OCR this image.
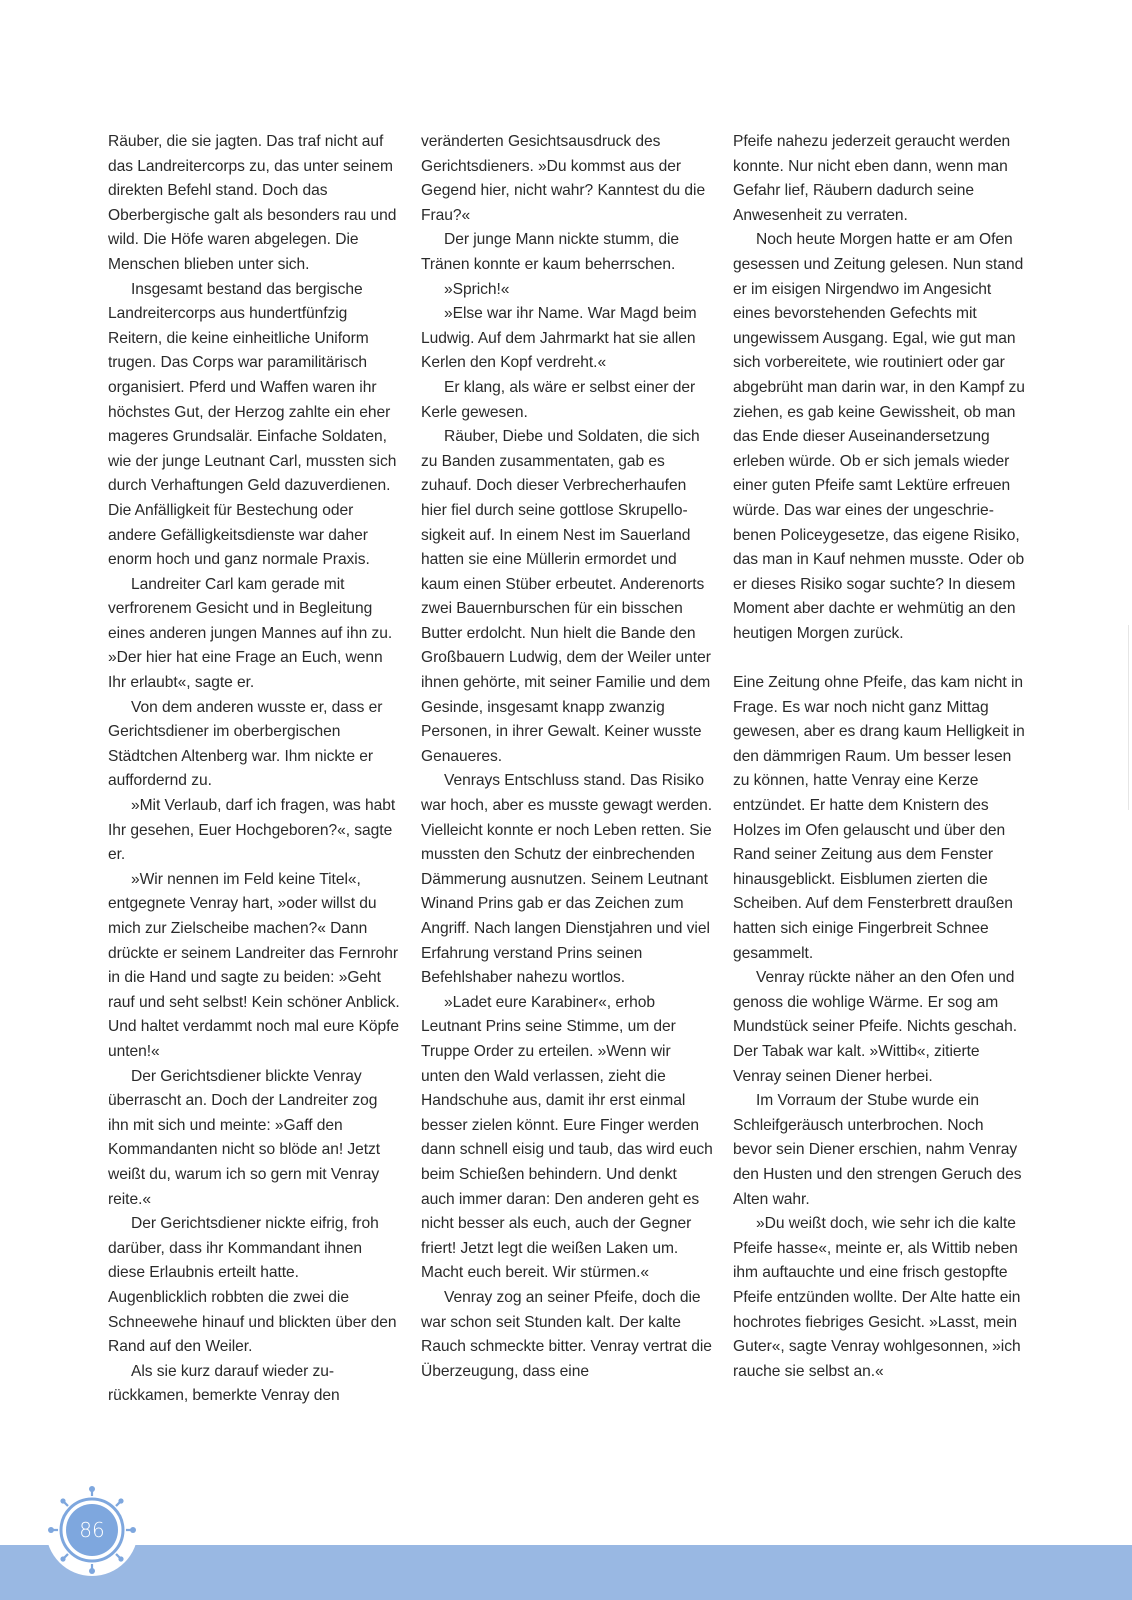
Räuber, die sie jagten. Das traf nicht auf das Landreitercorps zu, das unter seinem direkten Befehl stand. Doch das Oberbergische galt als besonders rau und wild. Die Höfe waren abgelegen. Die Menschen blieben unter sich.

Insgesamt bestand das bergische Landreitercorps aus hundertfünfzig Reitern, die keine einheitliche Uniform trugen. Das Corps war paramilitärisch organisiert. Pferd und Waffen waren ihr höchstes Gut, der Herzog zahlte ein eher mageres Grundsalär. Einfache Soldaten, wie der junge Leutnant Carl, mussten sich durch Verhaftungen Geld dazuverdienen. Die Anfälligkeit für Bestechung oder andere Gefälligkeitsdienste war daher enorm hoch und ganz normale Praxis.

Landreiter Carl kam gerade mit verfrorenem Gesicht und in Begleitung eines anderen jungen Mannes auf ihn zu. »Der hier hat eine Frage an Euch, wenn Ihr erlaubt«, sagte er.

Von dem anderen wusste er, dass er Gerichtsdiener im oberbergischen Städtchen Altenberg war. Ihm nickte er auffordernd zu.

»Mit Verlaub, darf ich fragen, was habt Ihr gesehen, Euer Hochgeboren?«, sagte er.

»Wir nennen im Feld keine Titel«, entgegnete Venray hart, »oder willst du mich zur Zielscheibe machen?« Dann drückte er seinem Landreiter das Fernrohr in die Hand und sagte zu beiden: »Geht rauf und seht selbst! Kein schöner Anblick. Und haltet verdammt noch mal eure Köpfe unten!«

Der Gerichtsdiener blickte Venray überrascht an. Doch der Landreiter zog ihn mit sich und meinte: »Gaff den Kommandanten nicht so blöde an! Jetzt weißt du, warum ich so gern mit Venray reite.«

Der Gerichtsdiener nickte eifrig, froh darüber, dass ihr Kommandant ihnen diese Erlaubnis erteilt hatte. Augenblicklich robbten die zwei die Schneewehe hinauf und blickten über den Rand auf den Weiler.

Als sie kurz darauf wieder zurückkamen, bemerkte Venray den

veränderten Gesichtsausdruck des Gerichtsdieners. »Du kommst aus der Gegend hier, nicht wahr? Kanntest du die Frau?«

Der junge Mann nickte stumm, die Tränen konnte er kaum beherrschen.

»Sprich!«

»Else war ihr Name. War Magd beim Ludwig. Auf dem Jahrmarkt hat sie allen Kerlen den Kopf verdreht.«

Er klang, als wäre er selbst einer der Kerle gewesen.

Räuber, Diebe und Soldaten, die sich zu Banden zusammentaten, gab es zuhauf. Doch dieser Verbrecherhaufen hier fiel durch seine gottlose Skrupellosigkeit auf. In einem Nest im Sauerland hatten sie eine Müllerin ermordet und kaum einen Stüber erbeutet. Anderenorts zwei Bauernburschen für ein bisschen Butter erdolcht. Nun hielt die Bande den Großbauern Ludwig, dem der Weiler unter ihnen gehörte, mit seiner Familie und dem Gesinde, insgesamt knapp zwanzig Personen, in ihrer Gewalt. Keiner wusste Genaueres.

Venrays Entschluss stand. Das Risiko war hoch, aber es musste gewagt werden. Vielleicht konnte er noch Leben retten. Sie mussten den Schutz der einbrechenden Dämmerung ausnutzen. Seinem Leutnant Winand Prins gab er das Zeichen zum Angriff. Nach langen Dienstjahren und viel Erfahrung verstand Prins seinen Befehlshaber nahezu wortlos.

»Ladet eure Karabiner«, erhob Leutnant Prins seine Stimme, um der Truppe Order zu erteilen. »Wenn wir unten den Wald verlassen, zieht die Handschuhe aus, damit ihr erst einmal besser zielen könnt. Eure Finger werden dann schnell eisig und taub, das wird euch beim Schießen behindern. Und denkt auch immer daran: Den anderen geht es nicht besser als euch, auch der Gegner friert! Jetzt legt die weißen Laken um. Macht euch bereit. Wir stürmen.«

Venray zog an seiner Pfeife, doch die war schon seit Stunden kalt. Der kalte Rauch schmeckte bitter. Venray vertrat die Überzeugung, dass eine

Pfeife nahezu jederzeit geraucht werden konnte. Nur nicht eben dann, wenn man Gefahr lief, Räubern dadurch seine Anwesenheit zu verraten.

Noch heute Morgen hatte er am Ofen gesessen und Zeitung gelesen. Nun stand er im eisigen Nirgendwo im Angesicht eines bevorstehenden Gefechts mit ungewissem Ausgang. Egal, wie gut man sich vorbereitete, wie routiniert oder gar abgebrüht man darin war, in den Kampf zu ziehen, es gab keine Gewissheit, ob man das Ende dieser Auseinandersetzung erleben würde. Ob er sich jemals wieder einer guten Pfeife samt Lektüre erfreuen würde. Das war eines der ungeschriebenen Policeygesetze, das eigene Risiko, das man in Kauf nehmen musste. Oder ob er dieses Risiko sogar suchte? In diesem Moment aber dachte er wehmütig an den heutigen Morgen zurück.

Eine Zeitung ohne Pfeife, das kam nicht in Frage. Es war noch nicht ganz Mittag gewesen, aber es drang kaum Helligkeit in den dämmrigen Raum. Um besser lesen zu können, hatte Venray eine Kerze entzündet. Er hatte dem Knistern des Holzes im Ofen gelauscht und über den Rand seiner Zeitung aus dem Fenster hinausgeblickt. Eisblumen zierten die Scheiben. Auf dem Fensterbrett draußen hatten sich einige Fingerbreit Schnee gesammelt.

Venray rückte näher an den Ofen und genoss die wohlige Wärme. Er sog am Mundstück seiner Pfeife. Nichts geschah. Der Tabak war kalt. »Wittib«, zitierte Venray seinen Diener herbei.

Im Vorraum der Stube wurde ein Schleifgeräusch unterbrochen. Noch bevor sein Diener erschien, nahm Venray den Husten und den strengen Geruch des Alten wahr.

»Du weißt doch, wie sehr ich die kalte Pfeife hasse«, meinte er, als Wittib neben ihm auftauchte und eine frisch gestopfte Pfeife entzünden wollte. Der Alte hatte ein hochrotes fiebriges Gesicht. »Lasst, mein Guter«, sagte Venray wohlgesonnen, »ich rauche sie selbst an.«

86
